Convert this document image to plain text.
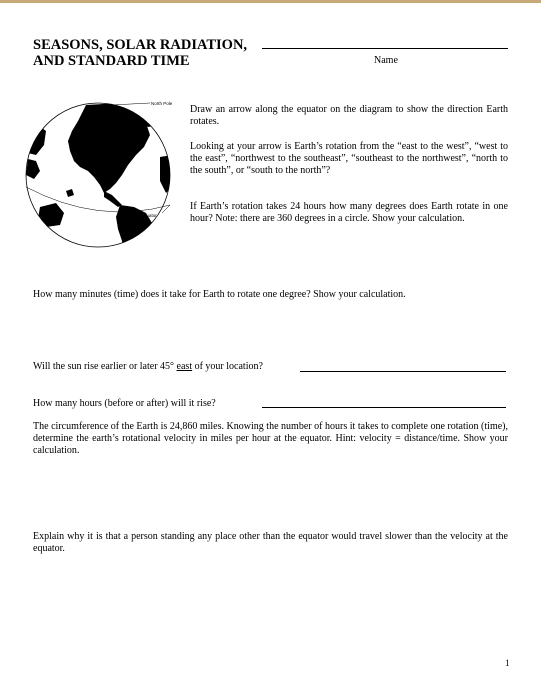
SEASONS, SOLAR RADIATION,
AND STANDARD TIME	Name
North Pole
Equator

Draw an arrow along the equator on the diagram to show the direction Earth rotates.

Looking at your arrow is Earth’s rotation from the “east to the west”, “west to the east”, “northwest to the southeast”, “southeast to the northwest”, “north to the south”, or “south to the north”?

If Earth’s rotation takes 24 hours how many degrees does Earth rotate in one hour? Note: there are 360 degrees in a circle. Show your calculation.

How many minutes (time) does it take for Earth to rotate one degree? Show your calculation.

Will the sun rise earlier or later 45° east of your location?

How many hours (before or after) will it rise?

The circumference of the Earth is 24,860 miles. Knowing the number of hours it takes to complete one rotation (time), determine the earth’s rotational velocity in miles per hour at the equator. Hint: velocity = distance/time. Show your calculation.

Explain why it is that a person standing any place other than the equator would travel slower than the velocity at the equator.

1
